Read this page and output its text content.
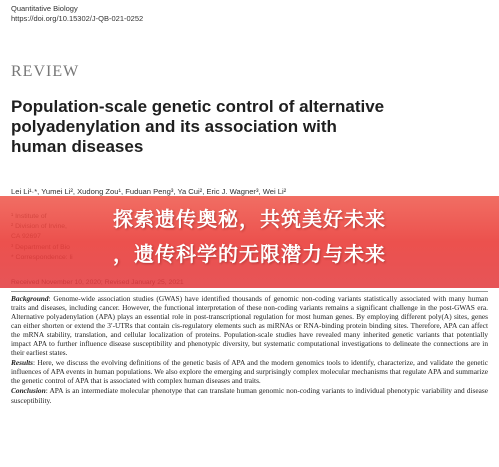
Quantitative Biology
https://doi.org/10.15302/J-QB-021-0252
REVIEW
Population-scale genetic control of alternative
polyadenylation and its association with
human diseases
Lei Li¹·*, Yumei Li², Xudong Zou¹, Fuduan Peng³, Ya Cui², Eric J. Wagner³, Wei Li²

Background: Genome-wide association studies (GWAS) have identified thousands of genomic non-coding variants statistically associated with many human traits and diseases, including cancer. However, the functional interpretation of these non-coding variants remains a significant challenge in the post-GWAS era. Alternative polyadenylation (APA) plays an essential role in post-transcriptional regulation for most human genes. By employing different poly(A) sites, genes can either shorten or extend the 3′-UTRs that contain cis-regulatory elements such as miRNAs or RNA-binding protein binding sites. Therefore, APA can affect the mRNA stability, translation, and cellular localization of proteins. Population-scale studies have revealed many inherited genetic variants that potentially impact APA to further influence disease susceptibility and phenotypic diversity, but systematic computational investigations to delineate the connections are in their earliest states.

Results: Here, we discuss the evolving definitions of the genetic basis of APA and the modern genomics tools to identify, characterize, and validate the genetic influences of APA events in human populations. We also explore the emerging and surprisingly complex molecular mechanisms that regulate APA and summarize the genetic control of APA that is associated with complex human diseases and traits.

Conclusion: APA is an intermediate molecular phenotype that can translate human genomic non-coding variants to individual phenotypic variability and disease susceptibility.

探索遗传奥秘，共筑美好未来
，遗传科学的无限潜力与未来
